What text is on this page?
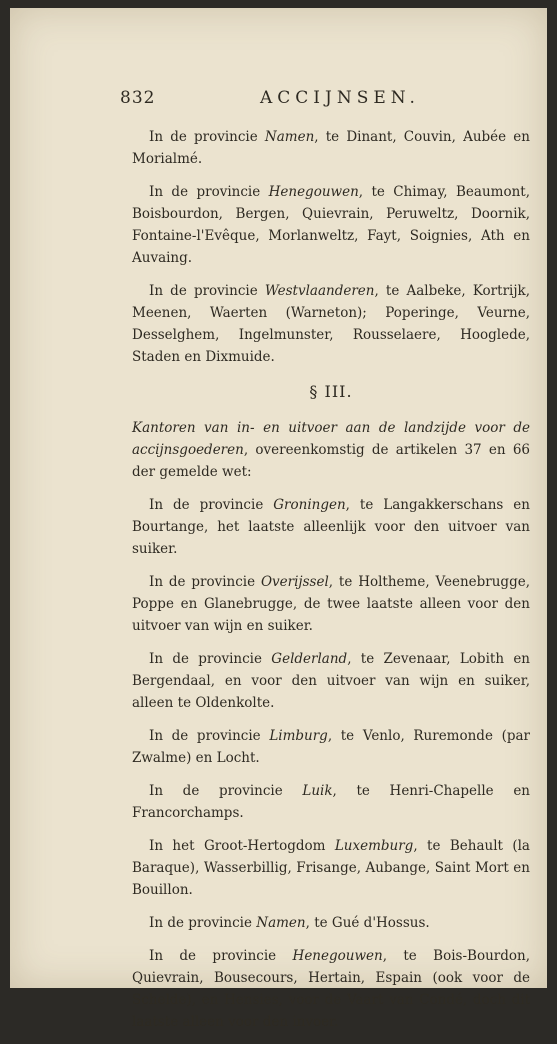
832	ACCIJNSEN.

In de provincie Namen, te Dinant, Couvin, Aubée en Morialmé.

In de provincie Henegouwen, te Chimay, Beaumont, Boisbourdon, Bergen, Quievrain, Peruweltz, Doornik, Fontaine-l'Evêque, Morlanweltz, Fayt, Soignies, Ath en Auvaing.

In de provincie Westvlaanderen, te Aalbeke, Kortrijk, Meenen, Waerten (Warneton); Poperinge, Veurne, Desselghem, Ingelmunster, Rousselaere, Hooglede, Staden en Dixmuide.

§ III.

Kantoren van in- en uitvoer aan de landzijde voor de accijnsgoederen, overeenkomstig de artikelen 37 en 66 der gemelde wet:

In de provincie Groningen, te Langakkerschans en Bourtange, het laatste alleenlijk voor den uitvoer van suiker.

In de provincie Overijssel, te Holtheme, Veenebrugge, Poppe en Glanebrugge, de twee laatste alleen voor den uitvoer van wijn en suiker.

In de provincie Gelderland, te Zevenaar, Lobith en Bergendaal, en voor den uitvoer van wijn en suiker, alleen te Oldenkolte.

In de provincie Limburg, te Venlo, Ruremonde (par Zwalme) en Locht.

In de provincie Luik, te Henri-Chapelle en Francorchamps.

In het Groot-Hertogdom Luxemburg, te Behault (la Baraque), Wasserbillig, Frisange, Aubange, Saint Mort en Bouillon.

In de provincie Namen, te Gué d'Hossus.

In de provincie Henegouwen, te Bois-Bourdon, Quievrain, Bousecours, Hertain, Espain (ook voor de Schelde), en Hensies, voor de Vaart van Condé, doch dit laatste alleen voor den invoer.
